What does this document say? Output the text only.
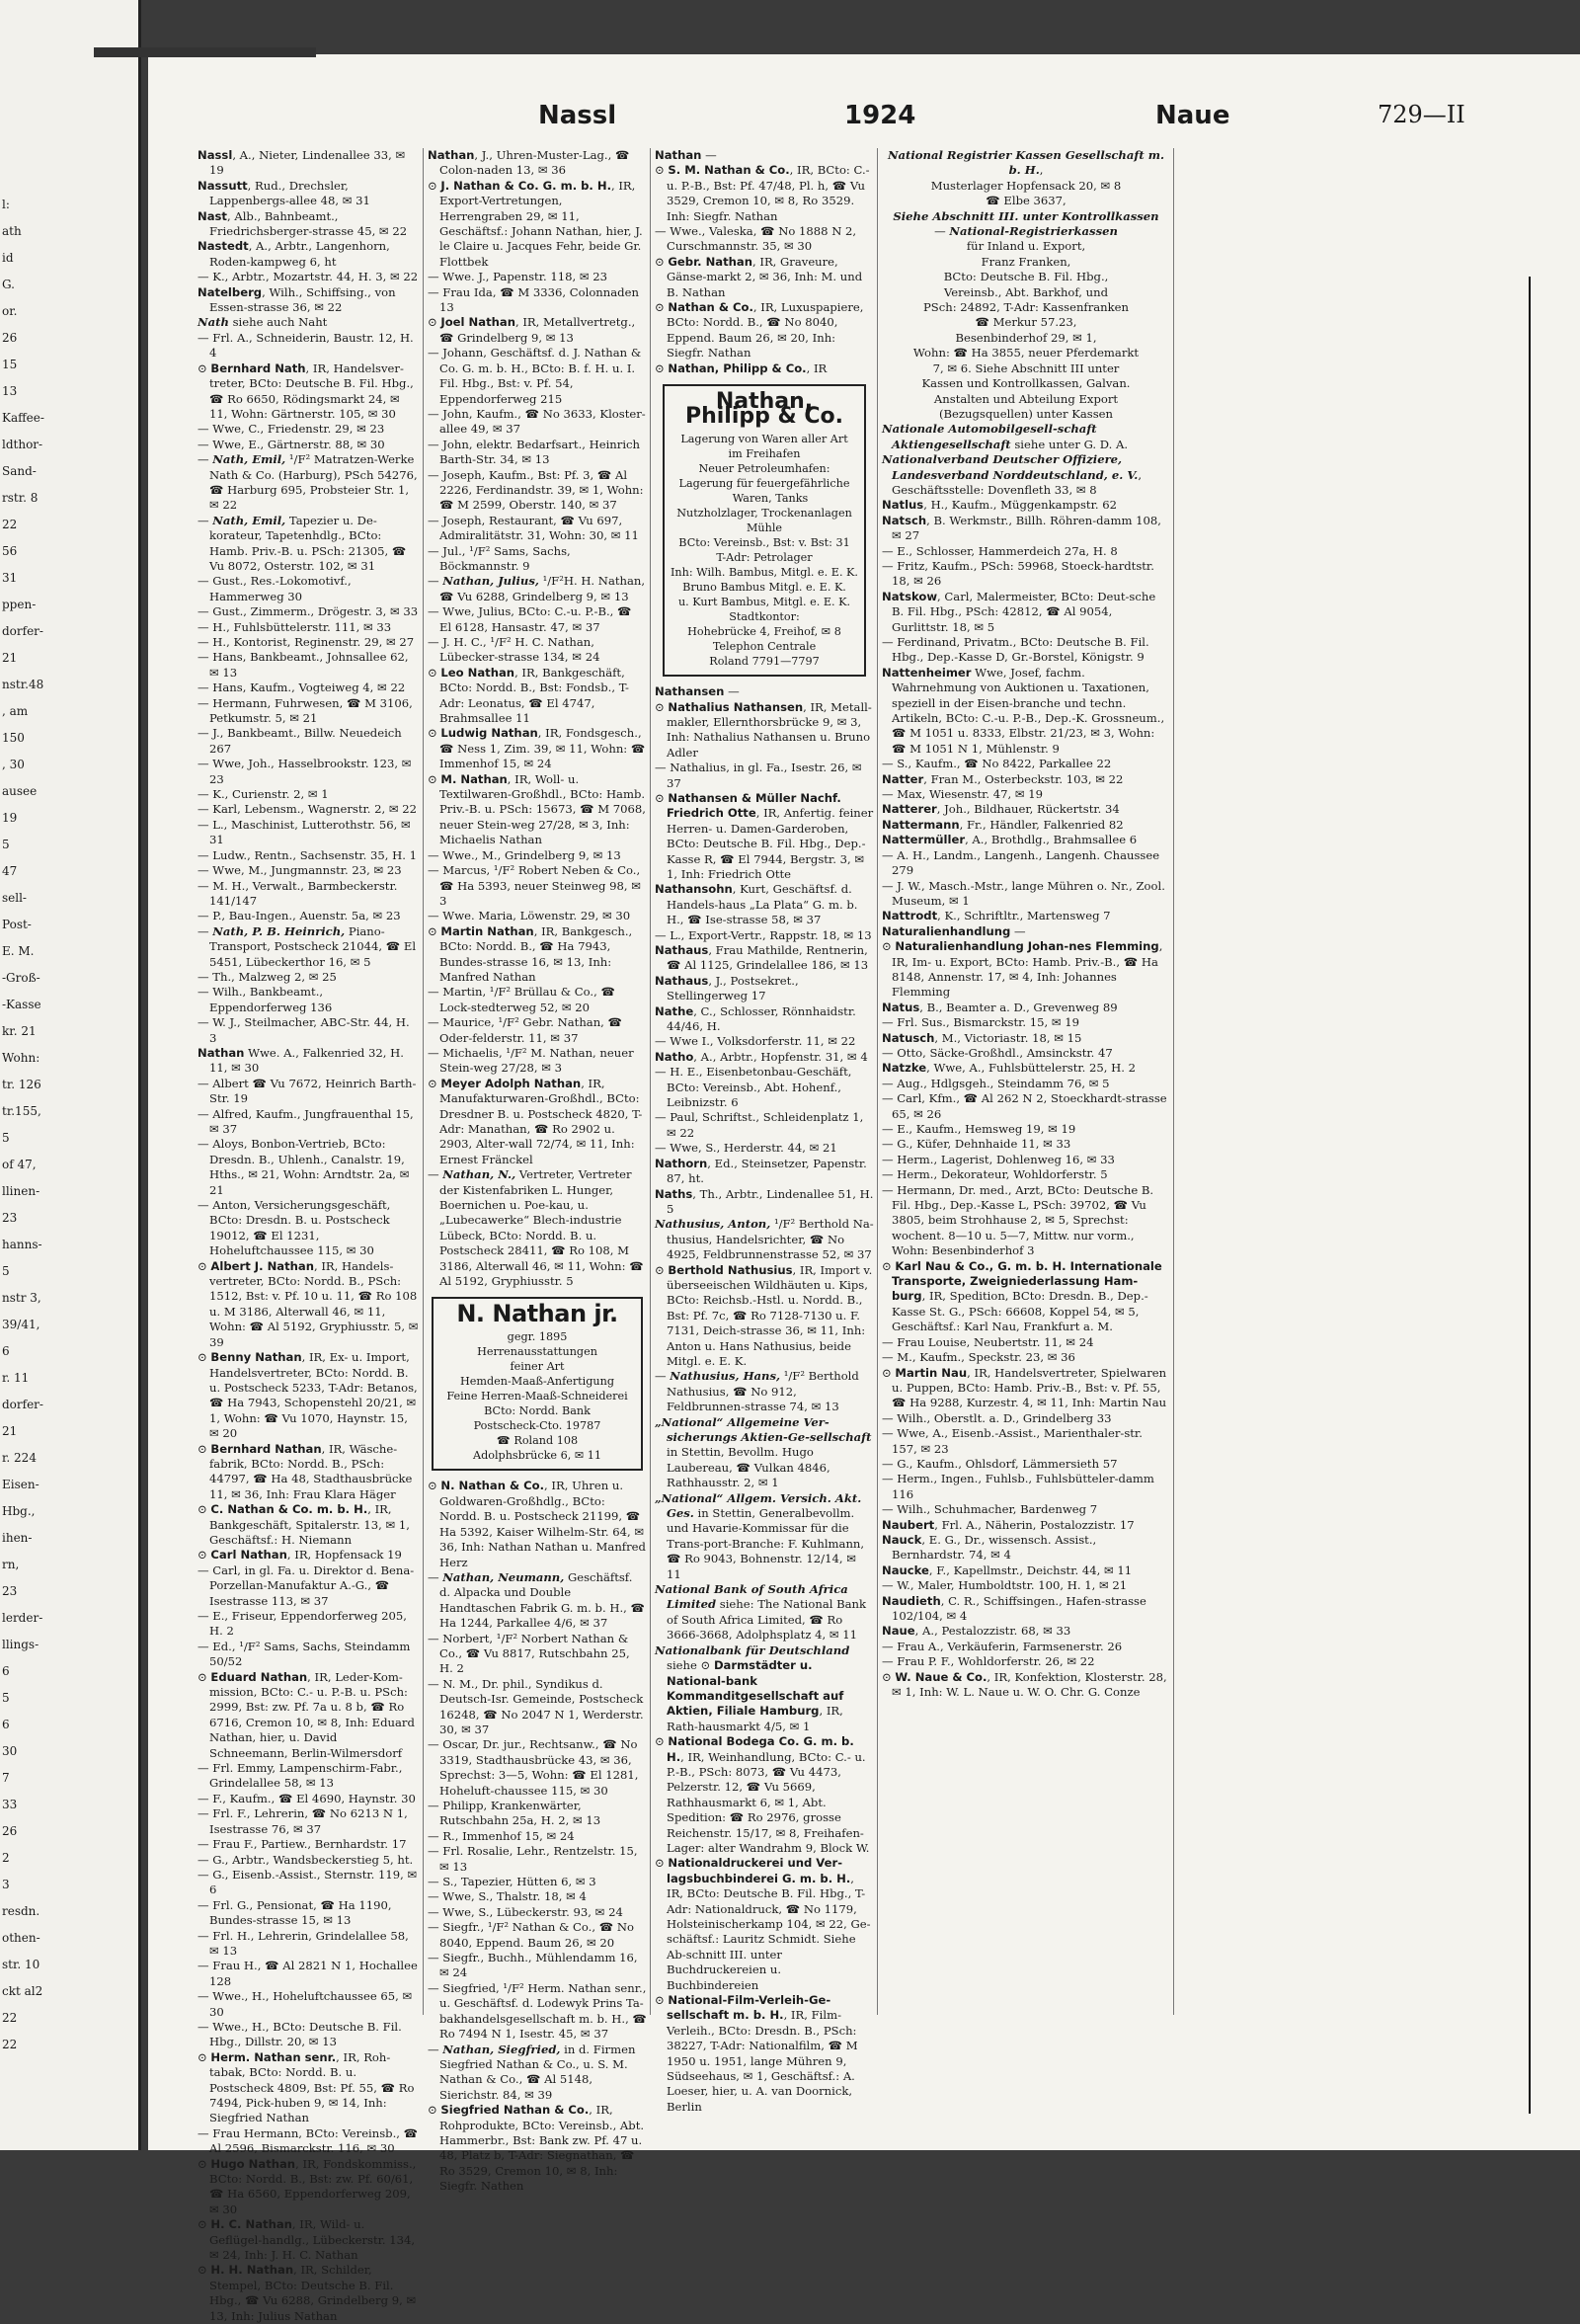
l:
ath
id
G.
or.
26
15
13
Kaffee-
ldthor-
Sand-
rstr. 8
22
56
31
ppen-
dorfer-
21
nstr.48
, am
150
, 30
ausee
19
5
47
sell-
Post-
E. M.
-Groß-
-Kasse
kr. 21
Wohn:
tr. 126
tr.155,
5
of 47,
llinen-
23
hanns-
5
nstr 3,
39/41,
6
r. 11
dorfer-
21
r. 224
Eisen-
Hbg.,
ihen-
rn,
23
lerder-
llings-
6
5
6
30
7
33
26
2
3
resdn.
othen-
str. 10
ckt al2
22
22
Nassl	1924	Naue	729—II

Nassl, A., Nieter, Lindenallee 33, ✉ 19

Nassutt, Rud., Drechsler, Lappenbergs-allee 48, ✉ 31

Nast, Alb., Bahnbeamt., Friedrichsberger-strasse 45, ✉ 22

Nastedt, A., Arbtr., Langenhorn, Roden-kampweg 6, ht

— K., Arbtr., Mozartstr. 44, H. 3, ✉ 22

Natelberg, Wilh., Schiffsing., von Essen-strasse 36, ✉ 22

Nath siehe auch Naht

— Frl. A., Schneiderin, Baustr. 12, H. 4

⊙ Bernhard Nath, IR, Handelsver-treter, BCto: Deutsche B. Fil. Hbg., ☎ Ro 6650, Rödingsmarkt 24, ✉ 11, Wohn: Gärtnerstr. 105, ✉ 30

— Wwe, C., Friedenstr. 29, ✉ 23

— Wwe, E., Gärtnerstr. 88, ✉ 30

— Nath, Emil, ¹/F² Matratzen-Werke Nath & Co. (Harburg), PSch 54276, ☎ Harburg 695, Probsteier Str. 1, ✉ 22

— Nath, Emil, Tapezier u. De-korateur, Tapetenhdlg., BCto: Hamb. Priv.-B. u. PSch: 21305, ☎ Vu 8072, Osterstr. 102, ✉ 31

— Gust., Res.-Lokomotivf., Hammerweg 30

— Gust., Zimmerm., Drögestr. 3, ✉ 33

— H., Fuhlsbüttelerstr. 111, ✉ 33

— H., Kontorist, Reginenstr. 29, ✉ 27

— Hans, Bankbeamt., Johnsallee 62, ✉ 13

— Hans, Kaufm., Vogteiweg 4, ✉ 22

— Hermann, Fuhrwesen, ☎ M 3106, Petkumstr. 5, ✉ 21

— J., Bankbeamt., Billw. Neuedeich 267

— Wwe, Joh., Hasselbrookstr. 123, ✉ 23

— K., Curienstr. 2, ✉ 1

— Karl, Lebensm., Wagnerstr. 2, ✉ 22

— L., Maschinist, Lutterothstr. 56, ✉ 31

— Ludw., Rentn., Sachsenstr. 35, H. 1

— Wwe, M., Jungmannstr. 23, ✉ 23

— M. H., Verwalt., Barmbeckerstr. 141/147

— P., Bau-Ingen., Auenstr. 5a, ✉ 23

— Nath, P. B. Heinrich, Piano-Transport, Postscheck 21044, ☎ El 5451, Lübeckerthor 16, ✉ 5

— Th., Malzweg 2, ✉ 25

— Wilh., Bankbeamt., Eppendorferweg 136

— W. J., Steilmacher, ABC-Str. 44, H. 3

Nathan Wwe. A., Falkenried 32, H. 11, ✉ 30

— Albert ☎ Vu 7672, Heinrich Barth-Str. 19

— Alfred, Kaufm., Jungfrauenthal 15, ✉ 37

— Aloys, Bonbon-Vertrieb, BCto: Dresdn. B., Uhlenh., Canalstr. 19, Hths., ✉ 21, Wohn: Arndtstr. 2a, ✉ 21

— Anton, Versicherungsgeschäft, BCto: Dresdn. B. u. Postscheck 19012, ☎ El 1231, Hoheluftchaussee 115, ✉ 30

⊙ Albert J. Nathan, IR, Handels-vertreter, BCto: Nordd. B., PSch: 1512, Bst: v. Pf. 10 u. 11, ☎ Ro 108 u. M 3186, Alterwall 46, ✉ 11, Wohn: ☎ Al 5192, Gryphiusstr. 5, ✉ 39

⊙ Benny Nathan, IR, Ex- u. Import, Handelsvertreter, BCto: Nordd. B. u. Postscheck 5233, T-Adr: Betanos, ☎ Ha 7943, Schopenstehl 20/21, ✉ 1, Wohn: ☎ Vu 1070, Haynstr. 15, ✉ 20

⊙ Bernhard Nathan, IR, Wäsche-fabrik, BCto: Nordd. B., PSch: 44797, ☎ Ha 48, Stadthausbrücke 11, ✉ 36, Inh: Frau Klara Häger

⊙ C. Nathan & Co. m. b. H., IR, Bankgeschäft, Spitalerstr. 13, ✉ 1, Geschäftsf.: H. Niemann

⊙ Carl Nathan, IR, Hopfensack 19

— Carl, in gl. Fa. u. Direktor d. Bena-Porzellan-Manufaktur A.-G., ☎ Isestrasse 113, ✉ 37

— E., Friseur, Eppendorferweg 205, H. 2

— Ed., ¹/F² Sams, Sachs, Steindamm 50/52

⊙ Eduard Nathan, IR, Leder-Kom-mission, BCto: C.- u. P.-B. u. PSch: 2999, Bst: zw. Pf. 7a u. 8 b, ☎ Ro 6716, Cremon 10, ✉ 8, Inh: Eduard Nathan, hier, u. David Schneemann, Berlin-Wilmersdorf

— Frl. Emmy, Lampenschirm-Fabr., Grindelallee 58, ✉ 13

— F., Kaufm., ☎ El 4690, Haynstr. 30

— Frl. F., Lehrerin, ☎ No 6213 N 1, Isestrasse 76, ✉ 37

— Frau F., Partiew., Bernhardstr. 17

— G., Arbtr., Wandsbeckerstieg 5, ht.

— G., Eisenb.-Assist., Sternstr. 119, ✉ 6

— Frl. G., Pensionat, ☎ Ha 1190, Bundes-strasse 15, ✉ 13

— Frl. H., Lehrerin, Grindelallee 58, ✉ 13

— Frau H., ☎ Al 2821 N 1, Hochallee 128

— Wwe., H., Hoheluftchaussee 65, ✉ 30

— Wwe., H., BCto: Deutsche B. Fil. Hbg., Dillstr. 20, ✉ 13

⊙ Herm. Nathan senr., IR, Roh-tabak, BCto: Nordd. B. u. Postscheck 4809, Bst: Pf. 55, ☎ Ro 7494, Pick-huben 9, ✉ 14, Inh: Siegfried Nathan

— Frau Hermann, BCto: Vereinsb., ☎ Al 2596, Bismarckstr. 116, ✉ 30

⊙ Hugo Nathan, IR, Fondskommiss., BCto: Nordd. B., Bst: zw. Pf. 60/61, ☎ Ha 6560, Eppendorferweg 209, ✉ 30

⊙ H. C. Nathan, IR, Wild- u. Geflügel-handlg., Lübeckerstr. 134, ✉ 24, Inh: J. H. C. Nathan

⊙ H. H. Nathan, IR, Schilder, Stempel, BCto: Deutsche B. Fil. Hbg., ☎ Vu 6288, Grindelberg 9, ✉ 13, Inh: Julius Nathan

Nathan, J., Uhren-Muster-Lag., ☎ Colon-naden 13, ✉ 36

⊙ J. Nathan & Co. G. m. b. H., IR, Export-Vertretungen, Herrengraben 29, ✉ 11, Geschäftsf.: Johann Nathan, hier, J. le Claire u. Jacques Fehr, beide Gr. Flottbek

— Wwe. J., Papenstr. 118, ✉ 23

— Frau Ida, ☎ M 3336, Colonnaden 13

⊙ Joel Nathan, IR, Metallvertretg., ☎ Grindelberg 9, ✉ 13

— Johann, Geschäftsf. d. J. Nathan & Co. G. m. b. H., BCto: B. f. H. u. I. Fil. Hbg., Bst: v. Pf. 54, Eppendorferweg 215

— John, Kaufm., ☎ No 3633, Kloster-allee 49, ✉ 37

— John, elektr. Bedarfsart., Heinrich Barth-Str. 34, ✉ 13

— Joseph, Kaufm., Bst: Pf. 3, ☎ Al 2226, Ferdinandstr. 39, ✉ 1, Wohn: ☎ M 2599, Oberstr. 140, ✉ 37

— Joseph, Restaurant, ☎ Vu 697, Admiralitätstr. 31, Wohn: 30, ✉ 11

— Jul., ¹/F² Sams, Sachs, Böckmannstr. 9

— Nathan, Julius, ¹/F²H. H. Nathan, ☎ Vu 6288, Grindelberg 9, ✉ 13

— Wwe, Julius, BCto: C.-u. P.-B., ☎ El 6128, Hansastr. 47, ✉ 37

— J. H. C., ¹/F² H. C. Nathan, Lübecker-strasse 134, ✉ 24

⊙ Leo Nathan, IR, Bankgeschäft, BCto: Nordd. B., Bst: Fondsb., T-Adr: Leonatus, ☎ El 4747, Brahmsallee 11

⊙ Ludwig Nathan, IR, Fondsgesch., ☎ Ness 1, Zim. 39, ✉ 11, Wohn: ☎ Immenhof 15, ✉ 24

⊙ M. Nathan, IR, Woll- u. Textilwaren-Großhdl., BCto: Hamb. Priv.-B. u. PSch: 15673, ☎ M 7068, neuer Stein-weg 27/28, ✉ 3, Inh: Michaelis Nathan

— Wwe., M., Grindelberg 9, ✉ 13

— Marcus, ¹/F² Robert Neben & Co., ☎ Ha 5393, neuer Steinweg 98, ✉ 3

— Wwe. Maria, Löwenstr. 29, ✉ 30

⊙ Martin Nathan, IR, Bankgesch., BCto: Nordd. B., ☎ Ha 7943, Bundes-strasse 16, ✉ 13, Inh: Manfred Nathan

— Martin, ¹/F² Brüllau & Co., ☎ Lock-stedterweg 52, ✉ 20

— Maurice, ¹/F² Gebr. Nathan, ☎ Oder-felderstr. 11, ✉ 37

— Michaelis, ¹/F² M. Nathan, neuer Stein-weg 27/28, ✉ 3

⊙ Meyer Adolph Nathan, IR, Manufakturwaren-Großhdl., BCto: Dresdner B. u. Postscheck 4820, T-Adr: Manathan, ☎ Ro 2902 u. 2903, Alter-wall 72/74, ✉ 11, Inh: Ernest Fränckel

— Nathan, N., Vertreter, Vertreter der Kistenfabriken L. Hunger, Boernichen u. Poe-kau, u. „Lubecawerke“ Blech-industrie Lübeck, BCto: Nordd. B. u. Postscheck 28411, ☎ Ro 108, M 3186, Alterwall 46, ✉ 11, Wohn: ☎ Al 5192, Gryphiusstr. 5

N. Nathan jr.

gegr. 1895

Herrenausstattungen

feiner Art

Hemden-Maaß-Anfertigung

Feine Herren-Maaß-Schneiderei

BCto: Nordd. Bank

Postscheck-Cto. 19787

☎ Roland 108

Adolphsbrücke 6, ✉ 11

⊙ N. Nathan & Co., IR, Uhren u. Goldwaren-Großhdlg., BCto: Nordd. B. u. Postscheck 21199, ☎ Ha 5392, Kaiser Wilhelm-Str. 64, ✉ 36, Inh: Nathan Nathan u. Manfred Herz

— Nathan, Neumann, Geschäftsf. d. Alpacka und Double Handtaschen Fabrik G. m. b. H., ☎ Ha 1244, Parkallee 4/6, ✉ 37

— Norbert, ¹/F² Norbert Nathan & Co., ☎ Vu 8817, Rutschbahn 25, H. 2

— N. M., Dr. phil., Syndikus d. Deutsch-Isr. Gemeinde, Postscheck 16248, ☎ No 2047 N 1, Werderstr. 30, ✉ 37

— Oscar, Dr. jur., Rechtsanw., ☎ No 3319, Stadthausbrücke 43, ✉ 36, Sprechst: 3—5, Wohn: ☎ El 1281, Hoheluft-chaussee 115, ✉ 30

— Philipp, Krankenwärter, Rutschbahn 25a, H. 2, ✉ 13

— R., Immenhof 15, ✉ 24

— Frl. Rosalie, Lehr., Rentzelstr. 15, ✉ 13

— S., Tapezier, Hütten 6, ✉ 3

— Wwe, S., Thalstr. 18, ✉ 4

— Wwe, S., Lübeckerstr. 93, ✉ 24

— Siegfr., ¹/F² Nathan & Co., ☎ No 8040, Eppend. Baum 26, ✉ 20

— Siegfr., Buchh., Mühlendamm 16, ✉ 24

— Siegfried, ¹/F² Herm. Nathan senr., u. Geschäftsf. d. Lodewyk Prins Ta-bakhandelsgesellschaft m. b. H., ☎ Ro 7494 N 1, Isestr. 45, ✉ 37

— Nathan, Siegfried, in d. Firmen Siegfried Nathan & Co., u. S. M. Nathan & Co., ☎ Al 5148, Sierichstr. 84, ✉ 39

⊙ Siegfried Nathan & Co., IR, Rohprodukte, BCto: Vereinsb., Abt. Hammerbr., Bst: Bank zw. Pf. 47 u. 48, Platz b, T-Adr: Siegnathan, ☎ Ro 3529, Cremon 10, ✉ 8, Inh: Siegfr. Nathen

Nathan —

⊙ S. M. Nathan & Co., IR, BCto: C.-u. P.-B., Bst: Pf. 47/48, Pl. h, ☎ Vu 3529, Cremon 10, ✉ 8, Ro 3529. Inh: Siegfr. Nathan

— Wwe., Valeska, ☎ No 1888 N 2, Curschmannstr. 35, ✉ 30

⊙ Gebr. Nathan, IR, Graveure, Gänse-markt 2, ✉ 36, Inh: M. und B. Nathan

⊙ Nathan & Co., IR, Luxuspapiere, BCto: Nordd. B., ☎ No 8040, Eppend. Baum 26, ✉ 20, Inh: Siegfr. Nathan

⊙ Nathan, Philipp & Co., IR

Nathan, Philipp & Co.

Lagerung von Waren aller Art

im Freihafen

Neuer Petroleumhafen:

Lagerung für feuergefährliche Waren, Tanks

Nutzholzlager, Trockenanlagen

Mühle

BCto: Vereinsb., Bst: v. Bst: 31

T-Adr: Petrolager

Inh: Wilh. Bambus, Mitgl. e. E. K.

Bruno Bambus Mitgl. e. E. K.

u. Kurt Bambus, Mitgl. e. E. K.

Stadtkontor:

Hohebrücke 4, Freihof, ✉ 8

Telephon Centrale

Roland 7791—7797

Nathansen —

⊙ Nathalius Nathansen, IR, Metall-makler, Ellernthorsbrücke 9, ✉ 3, Inh: Nathalius Nathansen u. Bruno Adler

— Nathalius, in gl. Fa., Isestr. 26, ✉ 37

⊙ Nathansen & Müller Nachf. Friedrich Otte, IR, Anfertig. feiner Herren- u. Damen-Garderoben, BCto: Deutsche B. Fil. Hbg., Dep.-Kasse R, ☎ El 7944, Bergstr. 3, ✉ 1, Inh: Friedrich Otte

Nathansohn, Kurt, Geschäftsf. d. Handels-haus „La Plata“ G. m. b. H., ☎ Ise-strasse 58, ✉ 37

— L., Export-Vertr., Rappstr. 18, ✉ 13

Nathaus, Frau Mathilde, Rentnerin, ☎ Al 1125, Grindelallee 186, ✉ 13

Nathaus, J., Postsekret., Stellingerweg 17

Nathe, C., Schlosser, Rönnhaidstr. 44/46, H.

— Wwe I., Volksdorferstr. 11, ✉ 22

Natho, A., Arbtr., Hopfenstr. 31, ✉ 4

— H. E., Eisenbetonbau-Geschäft, BCto: Vereinsb., Abt. Hohenf., Leibnizstr. 6

— Paul, Schriftst., Schleidenplatz 1, ✉ 22

— Wwe, S., Herderstr. 44, ✉ 21

Nathorn, Ed., Steinsetzer, Papenstr. 87, ht.

Naths, Th., Arbtr., Lindenallee 51, H. 5

Nathusius, Anton, ¹/F² Berthold Na-thusius, Handelsrichter, ☎ No 4925, Feldbrunnenstrasse 52, ✉ 37

⊙ Berthold Nathusius, IR, Import v. überseeischen Wildhäuten u. Kips, BCto: Reichsb.-Hstl. u. Nordd. B., Bst: Pf. 7c, ☎ Ro 7128-7130 u. F. 7131, Deich-strasse 36, ✉ 11, Inh: Anton u. Hans Nathusius, beide Mitgl. e. E. K.

— Nathusius, Hans, ¹/F² Berthold Nathusius, ☎ No 912, Feldbrunnen-strasse 74, ✉ 13

„National“ Allgemeine Ver-sicherungs Aktien-Ge-sellschaft in Stettin, Bevollm. Hugo Laubereau, ☎ Vulkan 4846, Rathhausstr. 2, ✉ 1

„National“ Allgem. Versich. Akt. Ges. in Stettin, Generalbevollm. und Havarie-Kommissar für die Trans-port-Branche: F. Kuhlmann, ☎ Ro 9043, Bohnenstr. 12/14, ✉ 11

National Bank of South Africa Limited siehe: The National Bank of South Africa Limited, ☎ Ro 3666-3668, Adolphsplatz 4, ✉ 11

Nationalbank für Deutschland siehe ⊙ Darmstädter u. National-bank Kommanditgesellschaft auf Aktien, Filiale Hamburg, IR, Rath-hausmarkt 4/5, ✉ 1

⊙ National Bodega Co. G. m. b. H., IR, Weinhandlung, BCto: C.- u. P.-B., PSch: 8073, ☎ Vu 4473, Pelzerstr. 12, ☎ Vu 5669, Rathhausmarkt 6, ✉ 1, Abt. Spedition: ☎ Ro 2976, grosse Reichenstr. 15/17, ✉ 8, Freihafen-Lager: alter Wandrahm 9, Block W.

⊙ Nationaldruckerei und Ver-lagsbuchbinderei G. m. b. H., IR, BCto: Deutsche B. Fil. Hbg., T-Adr: Nationaldruck, ☎ No 1179, Holsteinischerkamp 104, ✉ 22, Ge-schäftsf.: Lauritz Schmidt. Siehe Ab-schnitt III. unter Buchdruckereien u. Buchbindereien

⊙ National-Film-Verleih-Ge-sellschaft m. b. H., IR, Film-Verleih., BCto: Dresdn. B., PSch: 38227, T-Adr: Nationalfilm, ☎ M 1950 u. 1951, lange Mühren 9, Südseehaus, ✉ 1, Geschäftsf.: A. Loeser, hier, u. A. van Doornick, Berlin

National Registrier Kassen Gesellschaft m. b. H.,

Musterlager Hopfensack 20, ✉ 8

☎ Elbe 3637,

Siehe Abschnitt III. unter Kontrollkassen

— National-Registrierkassen

für Inland u. Export,

Franz Franken,

BCto: Deutsche B. Fil. Hbg.,

Vereinsb., Abt. Barkhof, und

PSch: 24892, T-Adr: Kassenfranken

☎ Merkur 57.23,

Besenbinderhof 29, ✉ 1,

Wohn: ☎ Ha 3855, neuer Pferdemarkt

7, ✉ 6. Siehe Abschnitt III unter

Kassen und Kontrollkassen, Galvan.

Anstalten und Abteilung Export

(Bezugsquellen) unter Kassen

Nationale Automobilgesell-schaft Aktiengesellschaft siehe unter G. D. A.

Nationalverband Deutscher Offiziere, Landesverband Norddeutschland, e. V., Geschäftsstelle: Dovenfleth 33, ✉ 8

Natlus, H., Kaufm., Müggenkampstr. 62

Natsch, B. Werkmstr., Billh. Röhren-damm 108, ✉ 27

— E., Schlosser, Hammerdeich 27a, H. 8

— Fritz, Kaufm., PSch: 59968, Stoeck-hardtstr. 18, ✉ 26

Natskow, Carl, Malermeister, BCto: Deut-sche B. Fil. Hbg., PSch: 42812, ☎ Al 9054, Gurlittstr. 18, ✉ 5

— Ferdinand, Privatm., BCto: Deutsche B. Fil. Hbg., Dep.-Kasse D, Gr.-Borstel, Königstr. 9

Nattenheimer Wwe, Josef, fachm. Wahrnehmung von Auktionen u. Taxationen, speziell in der Eisen-branche und techn. Artikeln, BCto: C.-u. P.-B., Dep.-K. Grossneum., ☎ M 1051 u. 8333, Elbstr. 21/23, ✉ 3, Wohn: ☎ M 1051 N 1, Mühlenstr. 9

— S., Kaufm., ☎ No 8422, Parkallee 22

Natter, Fran M., Osterbeckstr. 103, ✉ 22

— Max, Wiesenstr. 47, ✉ 19

Natterer, Joh., Bildhauer, Rückertstr. 34

Nattermann, Fr., Händler, Falkenried 82

Nattermüller, A., Brothdlg., Brahmsallee 6

— A. H., Landm., Langenh., Langenh. Chaussee 279

— J. W., Masch.-Mstr., lange Mühren o. Nr., Zool. Museum, ✉ 1

Nattrodt, K., Schriftltr., Martensweg 7

Naturalienhandlung —

⊙ Naturalienhandlung Johan-nes Flemming, IR, Im- u. Export, BCto: Hamb. Priv.-B., ☎ Ha 8148, Annenstr. 17, ✉ 4, Inh: Johannes Flemming

Natus, B., Beamter a. D., Grevenweg 89

— Frl. Sus., Bismarckstr. 15, ✉ 19

Natusch, M., Victoriastr. 18, ✉ 15

— Otto, Säcke-Großhdl., Amsinckstr. 47

Natzke, Wwe, A., Fuhlsbüttelerstr. 25, H. 2

— Aug., Hdlgsgeh., Steindamm 76, ✉ 5

— Carl, Kfm., ☎ Al 262 N 2, Stoeckhardt-strasse 65, ✉ 26

— E., Kaufm., Hemsweg 19, ✉ 19

— G., Küfer, Dehnhaide 11, ✉ 33

— Herm., Lagerist, Dohlenweg 16, ✉ 33

— Herm., Dekorateur, Wohldorferstr. 5

— Hermann, Dr. med., Arzt, BCto: Deutsche B. Fil. Hbg., Dep.-Kasse L, PSch: 39702, ☎ Vu 3805, beim Strohhause 2, ✉ 5, Sprechst: wochent. 8—10 u. 5—7, Mittw. nur vorm., Wohn: Besenbinderhof 3

⊙ Karl Nau & Co., G. m. b. H. Internationale Transporte, Zweigniederlassung Ham-burg, IR, Spedition, BCto: Dresdn. B., Dep.-Kasse St. G., PSch: 66608, Koppel 54, ✉ 5, Geschäftsf.: Karl Nau, Frankfurt a. M.

— Frau Louise, Neubertstr. 11, ✉ 24

— M., Kaufm., Speckstr. 23, ✉ 36

⊙ Martin Nau, IR, Handelsvertreter, Spielwaren u. Puppen, BCto: Hamb. Priv.-B., Bst: v. Pf. 55, ☎ Ha 9288, Kurzestr. 4, ✉ 11, Inh: Martin Nau

— Wilh., Oberstlt. a. D., Grindelberg 33

— Wwe, A., Eisenb.-Assist., Marienthaler-str. 157, ✉ 23

— G., Kaufm., Ohlsdorf, Lämmersieth 57

— Herm., Ingen., Fuhlsb., Fuhlsbütteler-damm 116

— Wilh., Schuhmacher, Bardenweg 7

Naubert, Frl. A., Näherin, Postalozzistr. 17

Nauck, E. G., Dr., wissensch. Assist., Bernhardstr. 74, ✉ 4

Naucke, F., Kapellmstr., Deichstr. 44, ✉ 11

— W., Maler, Humboldtstr. 100, H. 1, ✉ 21

Naudieth, C. R., Schiffsingen., Hafen-strasse 102/104, ✉ 4

Naue, A., Pestalozzistr. 68, ✉ 33

— Frau A., Verkäuferin, Farmsenerstr. 26

— Frau P. F., Wohldorferstr. 26, ✉ 22

⊙ W. Naue & Co., IR, Konfektion, Klosterstr. 28, ✉ 1, Inh: W. L. Naue u. W. O. Chr. G. Conze
